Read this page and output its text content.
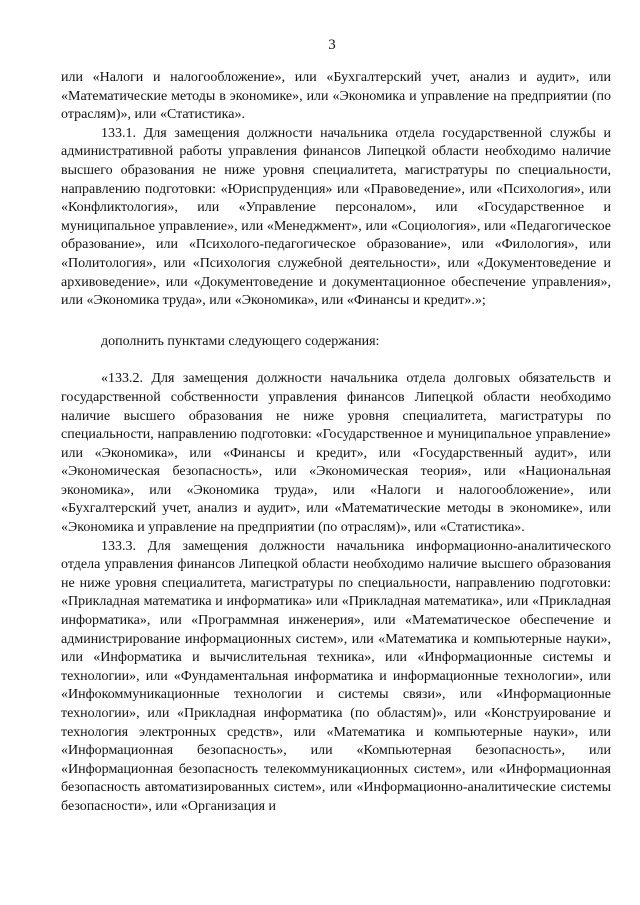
3

или «Налоги и налогообложение», или «Бухгалтерский учет, анализ и аудит», или «Математические методы в экономике», или «Экономика и управление на предприятии (по отраслям)», или «Статистика».

133.1. Для замещения должности начальника отдела государственной службы и административной работы управления финансов Липецкой области необходимо наличие высшего образования не ниже уровня специалитета, магистратуры по специальности, направлению подготовки: «Юриспруденция» или «Правоведение», или «Психология», или «Конфликтология», или «Управление персоналом», или «Государственное и муниципальное управление», или «Менеджмент», или «Социология», или «Педагогическое образование», или «Психолого-педагогическое образование», или «Филология», или «Политология», или «Психология служебной деятельности», или «Документоведение и архивоведение», или «Документоведение и документационное обеспечение управления», или «Экономика труда», или «Экономика», или «Финансы и кредит».»;

дополнить пунктами следующего содержания:

«133.2. Для замещения должности начальника отдела долговых обязательств и государственной собственности управления финансов Липецкой области необходимо наличие высшего образования не ниже уровня специалитета, магистратуры по специальности, направлению подготовки: «Государственное и муниципальное управление» или «Экономика», или «Финансы и кредит», или «Государственный аудит», или «Экономическая безопасность», или «Экономическая теория», или «Национальная экономика», или «Экономика труда», или «Налоги и налогообложение», или «Бухгалтерский учет, анализ и аудит», или «Математические методы в экономике», или «Экономика и управление на предприятии (по отраслям)», или «Статистика».

133.3. Для замещения должности начальника информационно-аналитического отдела управления финансов Липецкой области необходимо наличие высшего образования не ниже уровня специалитета, магистратуры по специальности, направлению подготовки: «Прикладная математика и информатика» или «Прикладная математика», или «Прикладная информатика», или «Программная инженерия», или «Математическое обеспечение и администрирование информационных систем», или «Математика и компьютерные науки», или «Информатика и вычислительная техника», или «Информационные системы и технологии», или «Фундаментальная информатика и информационные технологии», или «Инфокоммуникационные технологии и системы связи», или «Информационные технологии», или «Прикладная информатика (по областям)», или «Конструирование и технология электронных средств», или «Математика и компьютерные науки», или «Информационная безопасность», или «Компьютерная безопасность», или «Информационная безопасность телекоммуникационных систем», или «Информационная безопасность автоматизированных систем», или «Информационно-аналитические системы безопасности», или «Организация и
